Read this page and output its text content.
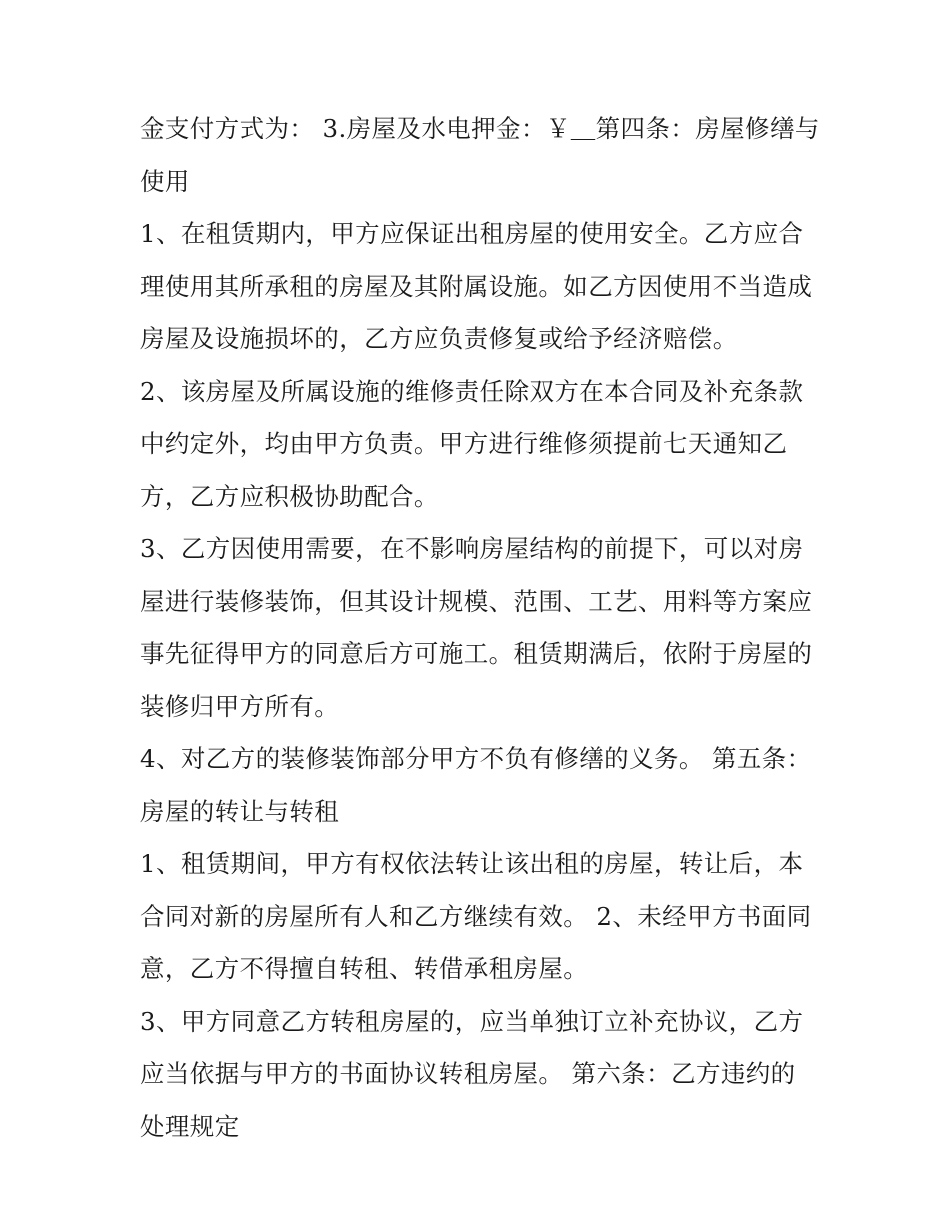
金支付方式为： 3.房屋及水电押金：￥＿第四条：房屋修缮与
使用
1、在租赁期内，甲方应保证出租房屋的使用安全。乙方应合
理使用其所承租的房屋及其附属设施。如乙方因使用不当造成
房屋及设施损坏的，乙方应负责修复或给予经济赔偿。
2、该房屋及所属设施的维修责任除双方在本合同及补充条款
中约定外，均由甲方负责。甲方进行维修须提前七天通知乙
方，乙方应积极协助配合。
3、乙方因使用需要，在不影响房屋结构的前提下，可以对房
屋进行装修装饰，但其设计规模、范围、工艺、用料等方案应
事先征得甲方的同意后方可施工。租赁期满后，依附于房屋的
装修归甲方所有。
4、对乙方的装修装饰部分甲方不负有修缮的义务。 第五条：
房屋的转让与转租
1、租赁期间，甲方有权依法转让该出租的房屋，转让后，本
合同对新的房屋所有人和乙方继续有效。 2、未经甲方书面同
意，乙方不得擅自转租、转借承租房屋。
3、甲方同意乙方转租房屋的，应当单独订立补充协议，乙方
应当依据与甲方的书面协议转租房屋。 第六条：乙方违约的
处理规定
